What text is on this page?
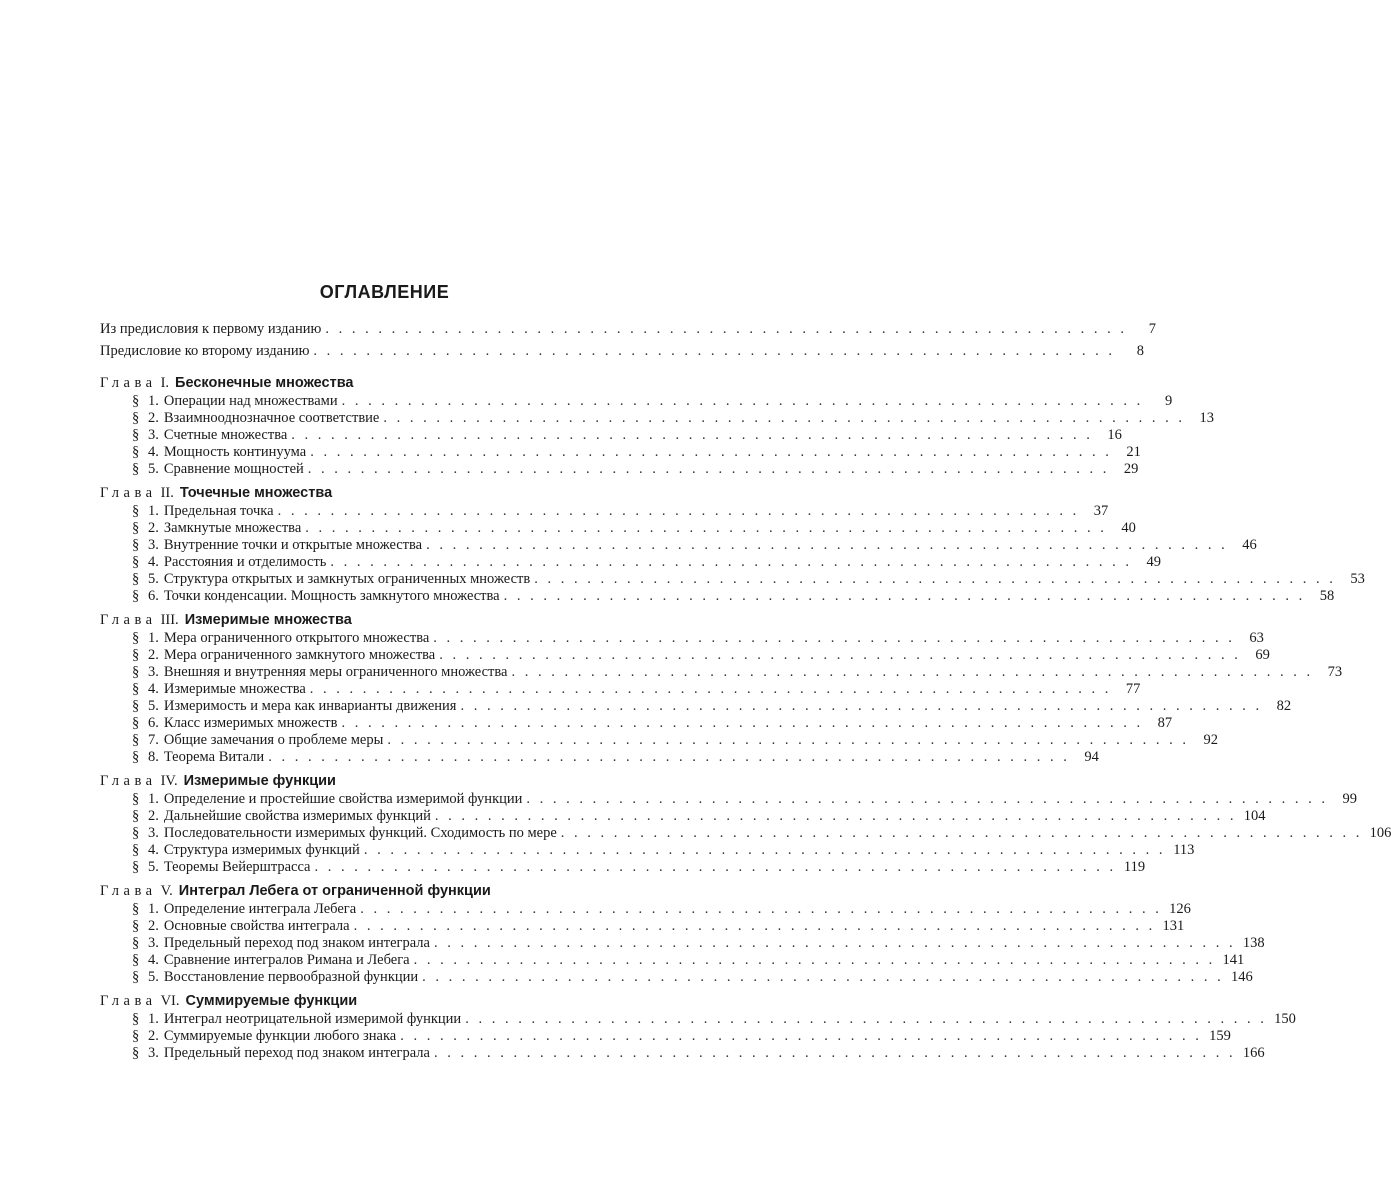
ОГЛАВЛЕНИЕ
Из предисловия к первому изданию . . .	7
Предисловие ко второму изданию . . .	8
Глава I. Бесконечные множества
§ 1. Операции над множествами . . .	9
§ 2. Взаимнооднозначное соответствие . . .	13
§ 3. Счетные множества . . .	16
§ 4. Мощность континуума . . .	21
§ 5. Сравнение мощностей . . .	29
Глава II. Точечные множества
§ 1. Предельная точка . . .	37
§ 2. Замкнутые множества . . .	40
§ 3. Внутренние точки и открытые множества . . .	46
§ 4. Расстояния и отделимость . . .	49
§ 5. Структура открытых и замкнутых ограниченных множеств . . .	53
§ 6. Точки конденсации. Мощность замкнутого множества . . .	58
Глава III. Измеримые множества
§ 1. Мера ограниченного открытого множества . . .	63
§ 2. Мера ограниченного замкнутого множества . . .	69
§ 3. Внешняя и внутренняя меры ограниченного множества . . .	73
§ 4. Измеримые множества . . .	77
§ 5. Измеримость и мера как инварианты движения . . .	82
§ 6. Класс измеримых множеств . . .	87
§ 7. Общие замечания о проблеме меры . . .	92
§ 8. Теорема Витали . . .	94
Глава IV. Измеримые функции
§ 1. Определение и простейшие свойства измеримой функции . . .	99
§ 2. Дальнейшие свойства измеримых функций . . .	104
§ 3. Последовательности измеримых функций. Сходимость по мере . . .	106
§ 4. Структура измеримых функций . . .	113
§ 5. Теоремы Вейерштрасса . . .	119
Глава V. Интеграл Лебега от ограниченной функции
§ 1. Определение интеграла Лебега . . .	126
§ 2. Основные свойства интеграла . . .	131
§ 3. Предельный переход под знаком интеграла . . .	138
§ 4. Сравнение интегралов Римана и Лебега . . .	141
§ 5. Восстановление первообразной функции . . .	146
Глава VI. Суммируемые функции
§ 1. Интеграл неотрицательной измеримой функции . . .	150
§ 2. Суммируемые функции любого знака . . .	159
§ 3. Предельный переход под знаком интеграла . . .	166
